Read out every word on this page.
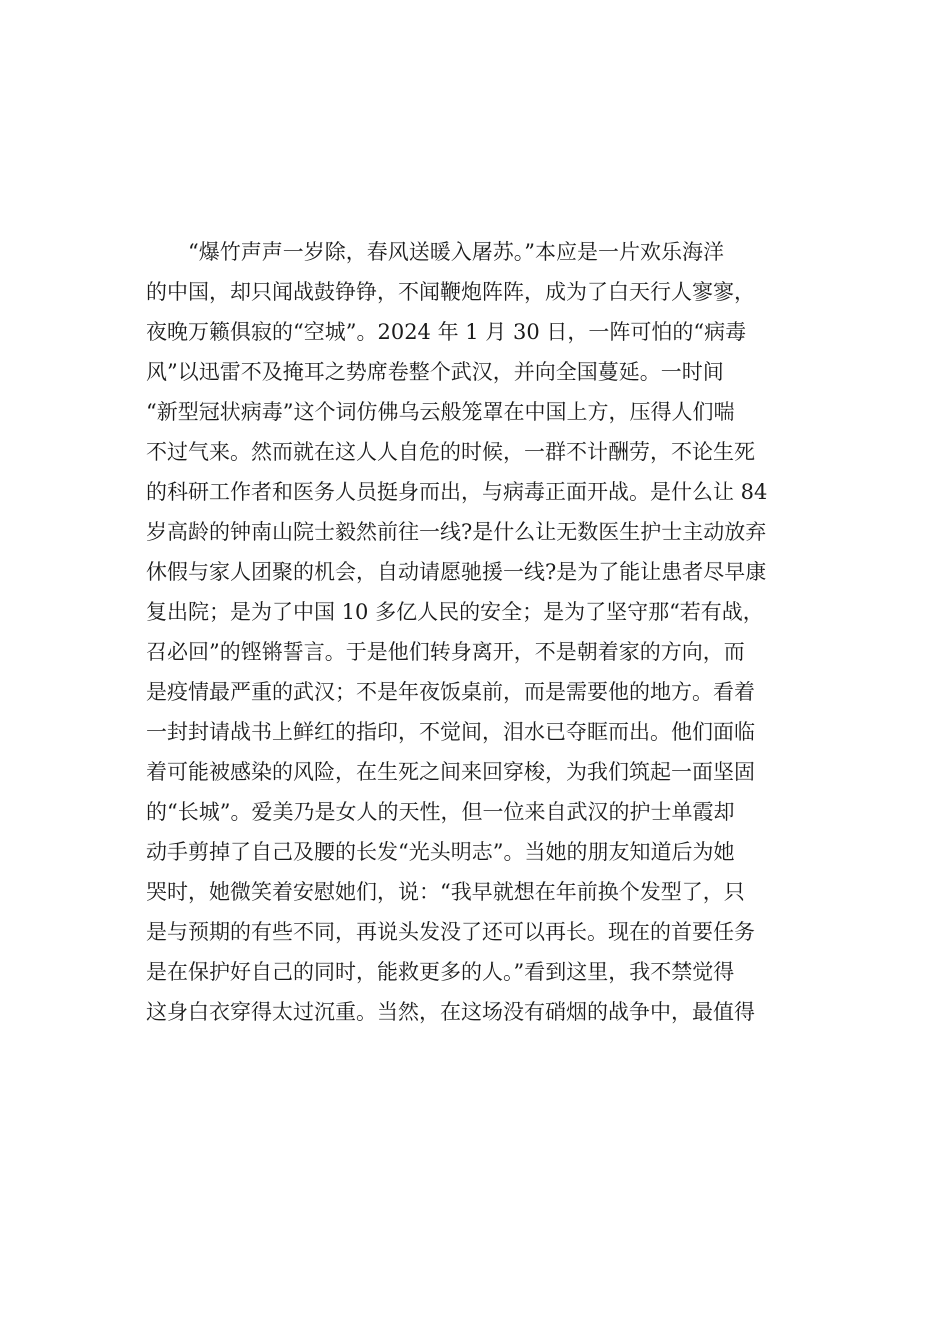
“爆竹声声一岁除，春风送暖入屠苏。”本应是一片欢乐海洋
的中国，却只闻战鼓铮铮，不闻鞭炮阵阵，成为了白天行人寥寥，
夜晚万籁俱寂的“空城”。2024 年 1 月 30 日，一阵可怕的“病毒
风”以迅雷不及掩耳之势席卷整个武汉，并向全国蔓延。一时间
“新型冠状病毒”这个词仿佛乌云般笼罩在中国上方，压得人们喘
不过气来。然而就在这人人自危的时候，一群不计酬劳，不论生死
的科研工作者和医务人员挺身而出，与病毒正面开战。是什么让 84
岁高龄的钟南山院士毅然前往一线?是什么让无数医生护士主动放弃
休假与家人团聚的机会，自动请愿驰援一线?是为了能让患者尽早康
复出院；是为了中国 10 多亿人民的安全；是为了坚守那“若有战，
召必回”的铿锵誓言。于是他们转身离开，不是朝着家的方向，而
是疫情最严重的武汉；不是年夜饭桌前，而是需要他的地方。看着
一封封请战书上鲜红的指印，不觉间，泪水已夺眶而出。他们面临
着可能被感染的风险，在生死之间来回穿梭，为我们筑起一面坚固
的“长城”。爱美乃是女人的天性，但一位来自武汉的护士单霞却
动手剪掉了自己及腰的长发“光头明志”。当她的朋友知道后为她
哭时，她微笑着安慰她们，说：“我早就想在年前换个发型了，只
是与预期的有些不同，再说头发没了还可以再长。现在的首要任务
是在保护好自己的同时，能救更多的人。”看到这里，我不禁觉得
这身白衣穿得太过沉重。当然，在这场没有硝烟的战争中，最值得
